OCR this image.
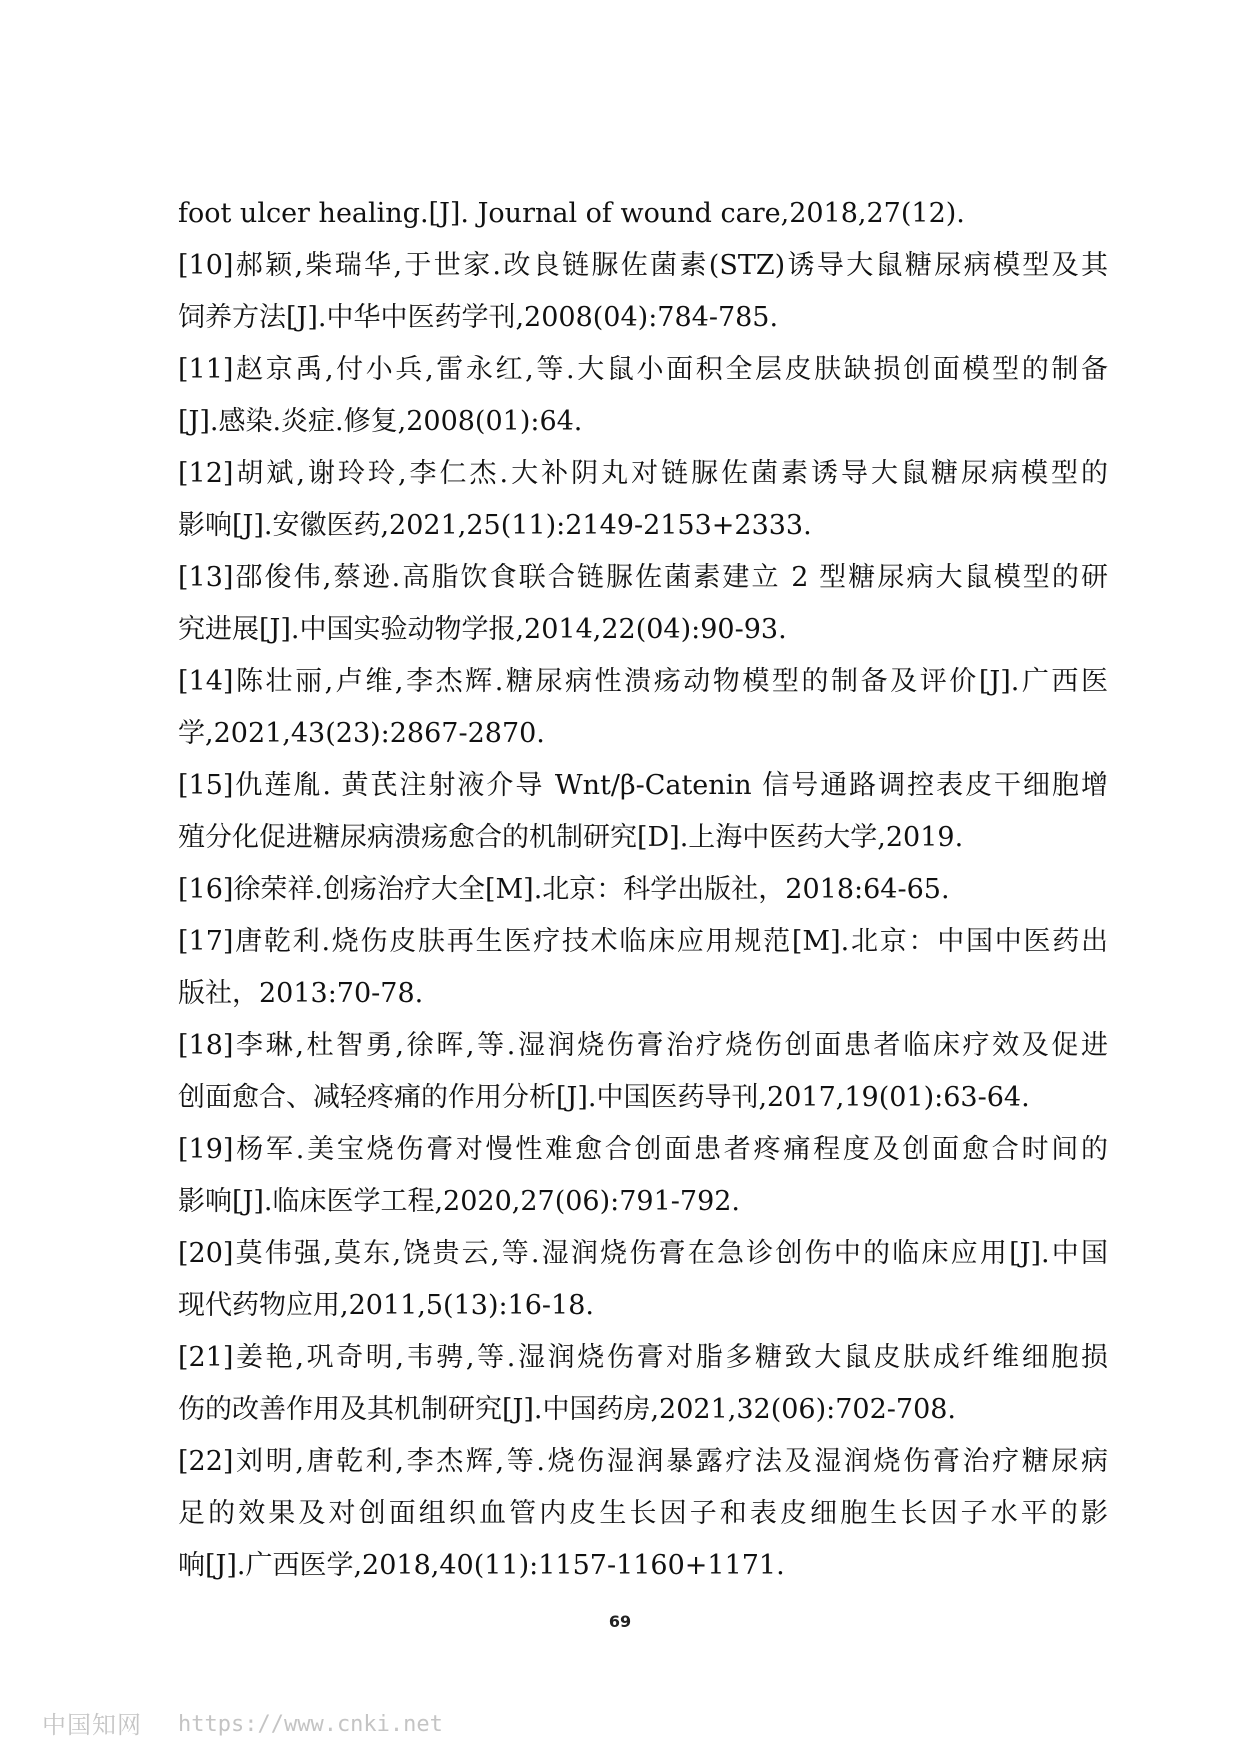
foot ulcer healing.[J]. Journal of wound care,2018,27(12).
[10]郝颖,柴瑞华,于世家.改良链脲佐菌素(STZ)诱导大鼠糖尿病模型及其
饲养方法[J].中华中医药学刊,2008(04):784-785.
[11]赵京禹,付小兵,雷永红,等.大鼠小面积全层皮肤缺损创面模型的制备
[J].感染.炎症.修复,2008(01):64.
[12]胡斌,谢玲玲,李仁杰.大补阴丸对链脲佐菌素诱导大鼠糖尿病模型的
影响[J].安徽医药,2021,25(11):2149-2153+2333.
[13]邵俊伟,蔡逊.高脂饮食联合链脲佐菌素建立 2 型糖尿病大鼠模型的研
究进展[J].中国实验动物学报,2014,22(04):90-93.
[14]陈壮丽,卢维,李杰辉.糖尿病性溃疡动物模型的制备及评价[J].广西医
学,2021,43(23):2867-2870.
[15]仇莲胤. 黄芪注射液介导 Wnt/β-Catenin 信号通路调控表皮干细胞增
殖分化促进糖尿病溃疡愈合的机制研究[D].上海中医药大学,2019.
[16]徐荣祥.创疡治疗大全[M].北京：科学出版社，2018:64-65.
[17]唐乾利.烧伤皮肤再生医疗技术临床应用规范[M].北京：中国中医药出
版社，2013:70-78.
[18]李琳,杜智勇,徐晖,等.湿润烧伤膏治疗烧伤创面患者临床疗效及促进
创面愈合、减轻疼痛的作用分析[J].中国医药导刊,2017,19(01):63-64.
[19]杨军.美宝烧伤膏对慢性难愈合创面患者疼痛程度及创面愈合时间的
影响[J].临床医学工程,2020,27(06):791-792.
[20]莫伟强,莫东,饶贵云,等.湿润烧伤膏在急诊创伤中的临床应用[J].中国
现代药物应用,2011,5(13):16-18.
[21]姜艳,巩奇明,韦骋,等.湿润烧伤膏对脂多糖致大鼠皮肤成纤维细胞损
伤的改善作用及其机制研究[J].中国药房,2021,32(06):702-708.
[22]刘明,唐乾利,李杰辉,等.烧伤湿润暴露疗法及湿润烧伤膏治疗糖尿病
足的效果及对创面组织血管内皮生长因子和表皮细胞生长因子水平的影
响[J].广西医学,2018,40(11):1157-1160+1171.
69
中国知网 https://www.cnki.net
